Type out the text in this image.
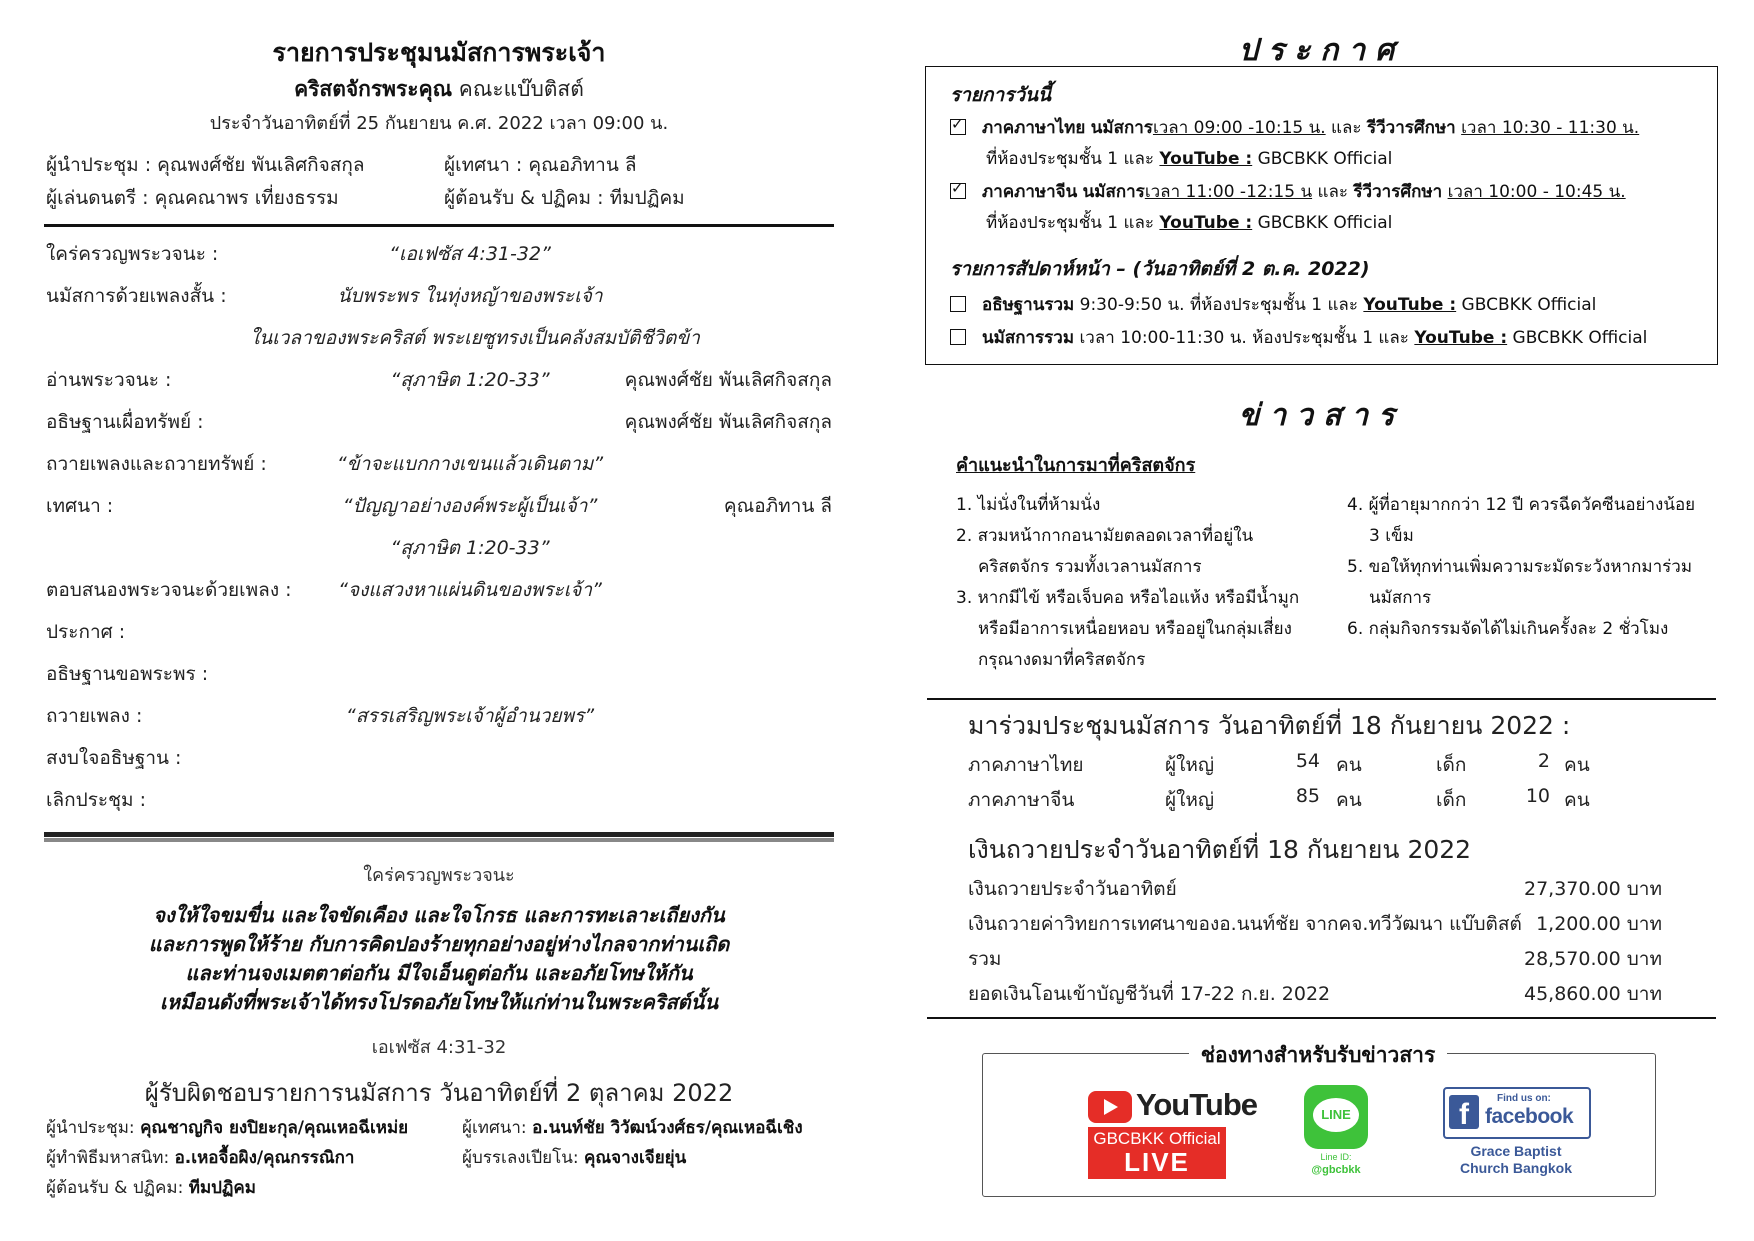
รายการประชุมนมัสการพระเจ้า
คริสตจักรพระคุณ คณะแบ๊บติสต์
ประจำวันอาทิตย์ที่ 25 กันยายน ค.ศ. 2022 เวลา 09:00 น.
ผู้นำประชุม : คุณพงศ์ชัย พันเลิศกิจสกุล	ผู้เทศนา : คุณอภิทาน ลี
ผู้เล่นดนตรี : คุณคณาพร เที่ยงธรรม	ผู้ต้อนรับ & ปฏิคม : ทีมปฏิคม
ใคร่ครวญพระวจนะ :	“เอเฟซัส 4:31-32”
นมัสการด้วยเพลงสั้น :	นับพระพร ในทุ่งหญ้าของพระเจ้า
ในเวลาของพระคริสต์ พระเยซูทรงเป็นคลังสมบัติชีวิตข้า
อ่านพระวจนะ :	“สุภาษิต 1:20-33”	คุณพงศ์ชัย พันเลิศกิจสกุล
อธิษฐานเผื่อทรัพย์ :	คุณพงศ์ชัย พันเลิศกิจสกุล
ถวายเพลงและถวายทรัพย์ :	“ข้าจะแบกกางเขนแล้วเดินตาม”
เทศนา :	“ปัญญาอย่างองค์พระผู้เป็นเจ้า”	คุณอภิทาน ลี
“สุภาษิต 1:20-33”
ตอบสนองพระวจนะด้วยเพลง :	“จงแสวงหาแผ่นดินของพระเจ้า”
ประกาศ :
อธิษฐานขอพระพร :
ถวายเพลง :	“สรรเสริญพระเจ้าผู้อำนวยพร”
สงบใจอธิษฐาน :
เลิกประชุม :
ใคร่ครวญพระวจนะ
จงให้ใจขมขื่น และใจขัดเคือง และใจโกรธ และการทะเลาะเถียงกัน
และการพูดให้ร้าย กับการคิดปองร้ายทุกอย่างอยู่ห่างไกลจากท่านเถิด
และท่านจงเมตตาต่อกัน มีใจเอ็นดูต่อกัน และอภัยโทษให้กัน
เหมือนดังที่พระเจ้าได้ทรงโปรดอภัยโทษให้แก่ท่านในพระคริสต์นั้น
เอเฟซัส 4:31-32
ผู้รับผิดชอบรายการนมัสการ วันอาทิตย์ที่ 2 ตุลาคม 2022
ผู้นำประชุม: คุณชาญกิจ ยงปิยะกุล/คุณเหอฉีเหม่ย	ผู้เทศนา: อ.นนท์ชัย วิวัฒน์วงศ์ธร/คุณเหอฉีเชิง
ผู้ทำพิธีมหาสนิท: อ.เหอจื้อผิง/คุณกรรณิกา	ผู้บรรเลงเปียโน: คุณจางเจียยุ่น
ผู้ต้อนรับ & ปฏิคม: ทีมปฏิคม
ประกาศ
รายการวันนี้
✓ภาคภาษาไทย นมัสการเวลา 09:00 -10:15 น. และ รีวีวารศึกษา เวลา 10:30 - 11:30 น.
ที่ห้องประชุมชั้น 1 และ YouTube : GBCBKK Official
✓ภาคภาษาจีน นมัสการเวลา 11:00 -12:15 น และ รีวีวารศึกษา เวลา 10:00 - 10:45 น.
ที่ห้องประชุมชั้น 1 และ YouTube : GBCBKK Official
รายการสัปดาห์หน้า – (วันอาทิตย์ที่ 2 ต.ค. 2022)
อธิษฐานรวม 9:30-9:50 น. ที่ห้องประชุมชั้น 1 และ YouTube : GBCBKK Official
นมัสการรวม เวลา 10:00-11:30 น. ห้องประชุมชั้น 1 และ YouTube : GBCBKK Official
ข่าวสาร
คำแนะนำในการมาที่คริสตจักร
1. ไม่นั่งในที่ห้ามนั่ง
2. สวมหน้ากากอนามัยตลอดเวลาที่อยู่ใน
คริสตจักร รวมทั้งเวลานมัสการ
3. หากมีไข้ หรือเจ็บคอ หรือไอแห้ง หรือมีน้ำมูก
หรือมีอาการเหนื่อยหอบ หรืออยู่ในกลุ่มเสี่ยง
กรุณางดมาที่คริสตจักร
4. ผู้ที่อายุมากกว่า 12 ปี ควรฉีดวัคซีนอย่างน้อย
3 เข็ม
5. ขอให้ทุกท่านเพิ่มความระมัดระวังหากมาร่วม
นมัสการ
6. กลุ่มกิจกรรมจัดได้ไม่เกินครั้งละ 2 ชั่วโมง
มาร่วมประชุมนมัสการ วันอาทิตย์ที่ 18 กันยายน 2022 :
ภาคภาษาไทย	ผู้ใหญ่	54 คน	เด็ก	2 คน
ภาคภาษาจีน	ผู้ใหญ่	85 คน	เด็ก	10 คน
เงินถวายประจำวันอาทิตย์ที่ 18 กันยายน 2022
เงินถวายประจำวันอาทิตย์	27,370.00 บาท
เงินถวายค่าวิทยการเทศนาของอ.นนท์ชัย จากคจ.ทวีวัฒนา แบ๊บติสต์ 1,200.00 บาท
รวม	28,570.00 บาท
ยอดเงินโอนเข้าบัญชีวันที่ 17-22 ก.ย. 2022	45,860.00 บาท
ช่องทางสำหรับรับข่าวสาร
YouTube
GBCBKK Official
LIVE
LINE
Line ID:
@gbcbkk
f	Find us on:
facebook
Grace Baptist
Church Bangkok
